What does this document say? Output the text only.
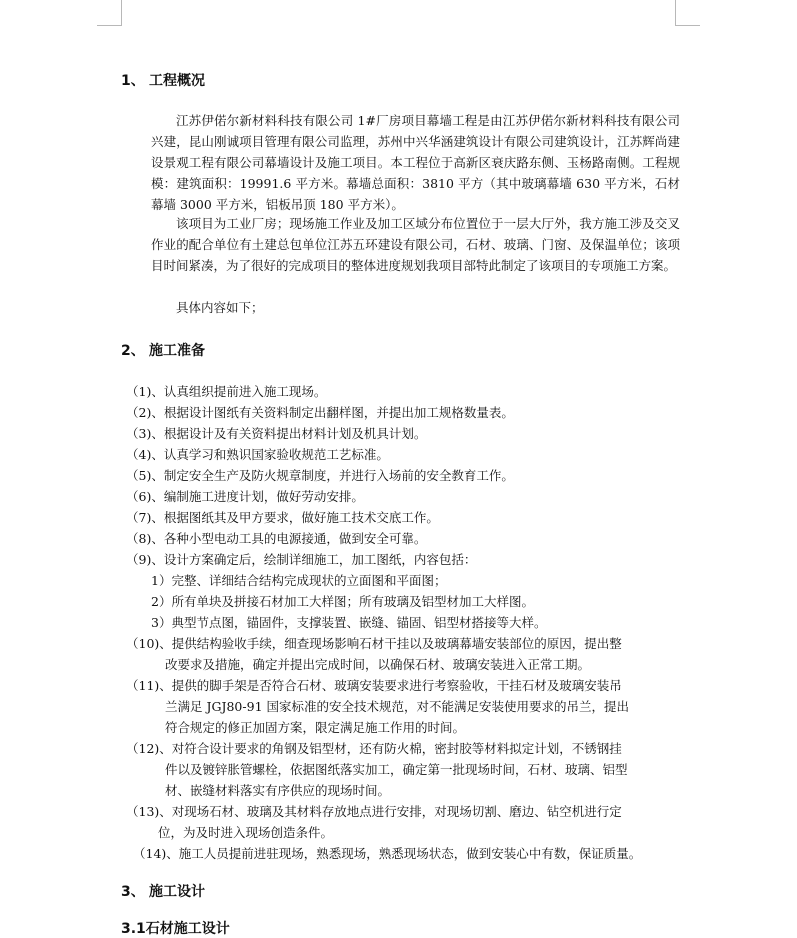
1、 工程概况
江苏伊偌尔新材料科技有限公司 1#厂房项目幕墙工程是由江苏伊偌尔新材料科技有限公司兴建，昆山刚诚项目管理有限公司监理，苏州中兴华涵建筑设计有限公司建筑设计，江苏辉尚建设景观工程有限公司幕墙设计及施工项目。本工程位于高新区衰庆路东侧、玉杨路南侧。工程规模：建筑面积：19991.6 平方米。幕墙总面积：3810 平方（其中玻璃幕墙 630 平方米，石材幕墙 3000 平方米，铝板吊顶 180 平方米）。
该项目为工业厂房；现场施工作业及加工区域分布位置位于一层大厅外，我方施工涉及交叉作业的配合单位有土建总包单位江苏五环建设有限公司，石材、玻璃、门窗、及保温单位；该项目时间紧凑，为了很好的完成项目的整体进度规划我项目部特此制定了该项目的专项施工方案。
具体内容如下；
2、 施工准备
（1)、认真组织提前进入施工现场。
（2)、根据设计图纸有关资料制定出翻样图，并提出加工规格数量表。
（3)、根据设计及有关资料提出材料计划及机具计划。
（4)、认真学习和熟识国家验收规范工艺标准。
（5)、制定安全生产及防火规章制度，并进行入场前的安全教育工作。
（6)、编制施工进度计划，做好劳动安排。
（7)、根据图纸其及甲方要求，做好施工技术交底工作。
（8)、各种小型电动工具的电源接通，做到安全可靠。
（9)、设计方案确定后，绘制详细施工，加工图纸，内容包括：
1）完整、详细结合结构完成现状的立面图和平面图；
2）所有单块及拼接石材加工大样图；所有玻璃及铝型材加工大样图。
3）典型节点图，锚固件，支撑装置、嵌缝、锚固、铝型材搭接等大样。
（10)、提供结构验收手续，细查现场影响石材干挂以及玻璃幕墙安装部位的原因，提出整
改要求及措施，确定并提出完成时间，以确保石材、玻璃安装进入正常工期。
（11)、提供的脚手架是否符合石材、玻璃安装要求进行考察验收，干挂石材及玻璃安装吊
兰满足 JGJ80-91 国家标准的安全技术规范，对不能满足安装使用要求的吊兰，提出
符合规定的修正加固方案，限定满足施工作用的时间。
（12)、对符合设计要求的角钢及铝型材，还有防火棉，密封胶等材料拟定计划，不锈钢挂
件以及镀锌胀管螺栓，依据图纸落实加工，确定第一批现场时间，石材、玻璃、铝型
材、嵌缝材料落实有序供应的现场时间。
（13)、对现场石材、玻璃及其材料存放地点进行安排，对现场切割、磨边、钻空机进行定
位，为及时进入现场创造条件。
（14)、施工人员提前进驻现场，熟悉现场，熟悉现场状态，做到安装心中有数，保证质量。
3、 施工设计
3.1石材施工设计
